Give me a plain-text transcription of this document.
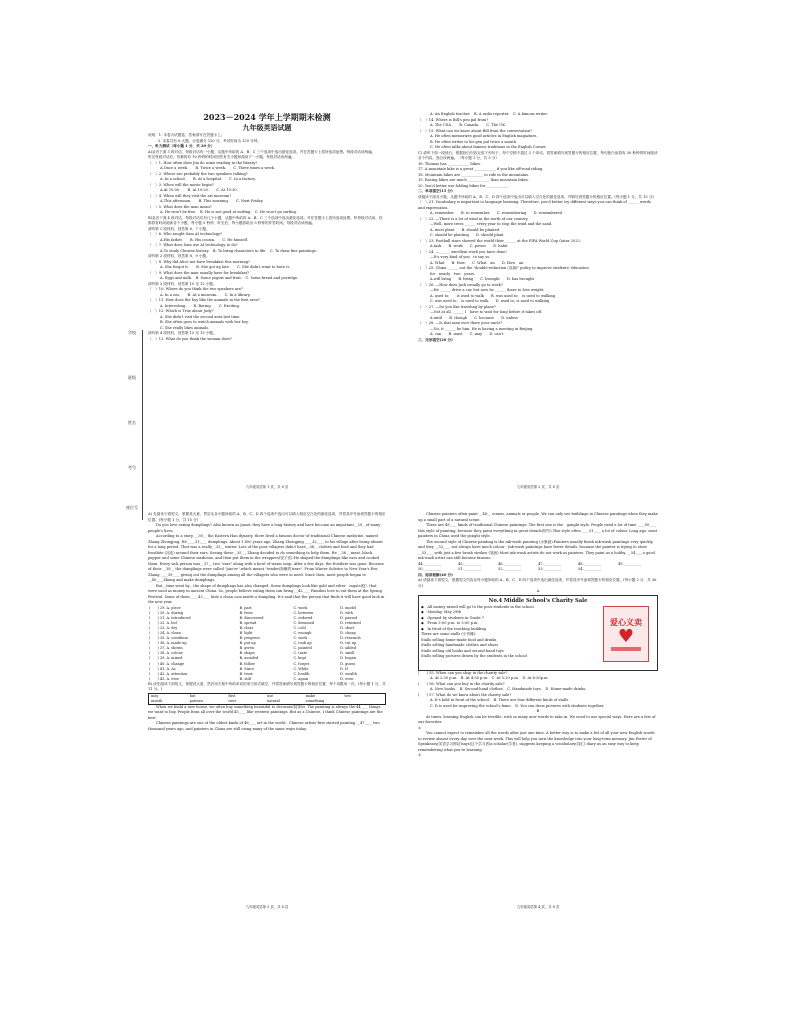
学校
班级
姓名
考号
座位号
2023－2024 学年上学期期末检测
九年级英语试题
说明：1. 本卷为试题卷，答案请写在答题卡上。
2. 本卷共有 8 大题，全卷满分 120 分，考试时间为 120 分钟。
一、听力测试（每小题 1 分，共 20 分）
A)录音下面 5 段对话，每段对话有一小题，从题中所给的 A、B、C 三个选项中选出最佳选项。并在答题卡上将所选项涂黑。每段对话读两遍。
听完每段对话后，你都将有 10 秒钟的时间回答有关小题和阅读下一小题。每段对话读两遍。
（　）1. How often does Jim do some reading in the library?
A.Once a week.　　B. Twice a week.　　C. Three times a week.
（　）2. Where are probably the two speakers talking?
A. In a school.　　B. At a hospital.　　C. In a factory.
（　）3. When will the movie begin?
A.At 10:00.　　B. At 10:20.　　C. At 10:30.
（　）4. When will they visit the art museum?
A.This afternoon.　　B. This morning.　　C. Next Friday.
（　）5. What does the man mean?
A. He won't be free.　B. He is not good at surfing.　C. He won't go surfing.
B)录音下面 4 段对话，每段对话后有几个小题，从题中所给的 A、B、C 三个选项中选出最佳选项。并在答题卡上将所选项涂黑。听每段对话前，你都将有时间阅读各个小题，每小题 5 秒钟；听完后，每小题将给出 5 秒钟的作答时间。每段对话读两遍。
请听第 1 段材料，回答第 6、7 小题。
（　）6. Who taught Sam AI technology?
A.His father.　　B. His cousin.　　C. He himself.
（　）7. What does Sam use AI technology to do?
A.To study Chinese history.　B. To bring characters to life.　C. To draw fine paintings.
请听第 2 段材料，回答第 8、9 小题。
（　）8. Why did Alice not have breakfast this morning?
A. She forgot it.　　B. She got up late.　　C. She didn't want to have it.
（　）9. What does the man usually have for breakfast?
A. Eggs and milk.　B. Some yogurt and fruit.　C. Some bread and porridge.
请听第 3 段材料，回答第 10 至 12 小题。
（　）10. Where do you think the two speakers are?
A. In a zoo.　　B. At a museum.　　C. In a library.
（　）11. How does the boy like the animals in the first area?
A. Interesting.　　B. Boring.　　C. Exciting.
（　）12. Which is True about Judy?
A. She didn't visit the second area last time.
B. She often goes to watch animals with her boy.
C. She really likes animals.
请听第 4 段材料，回答第 13 至 15 小题。
（　）13. What do you think the woman does?
九年级英语第 1 页，共 8 页
A. An English teacher.　B. A radio reporter.　C. A famous writer.
（　）14. Where is Bill's pen pal from?
A. The USA.　　B. Canada.　　C. The UK.
（　）15. What can we know about Bill from the conversation?
A. He often memorizes good articles in English magazines.
B. He often writes to his pen pal twice a month.
C. He often talks about famous traditions in the English Corner.
C) 请听下面一段独白，根据独白内容完成下列句子，每个空格不超过 3 个单词，将答案填写到答题卡的相应位置，每句独白前将有 30 秒钟的时间阅读各个内容。独白读两遍。（每小题 1 分，共 5 分）
16. Thomas has ____________ bikes.
17. A mountain bike is a great ____________ if you like off-road riding.
18. Mountain bikes are ____________ to ride in the mountains.
19. Racing bikes are much ____________ than mountain bikes.
20. You'd better use folding bikes for ____________.
二、单项填空(15 分)
请阅读下面各小题，从题中所给的 A、B、C、D 四个选项中选出可以填入空白处的最佳选项，并填写到答题卡的相应位置。(每小题 1 分，共 15 分)
（　）21. Vocabulary is important to language learning. Therefore, you'd better try different ways you can think of ______ words and expressions.
A. remember　　B. to remember　　C. remembering　　D. remembered
（　）22. —There is a lot of wind in the north of our country.
—Well, more trees ______ every year to stop the wind and the sand.
A. must plant　　B. should be planted
C. should be planting　　D. should plant
（　）23. Football stars showed the world their ______ at the FIFA World Cup Qatar 2022.
A.task　　B. work　　C. power　　D. habit
（　）24. —______ excellent work you have done!
—It's very kind of you　to say so.
A. What　　B. How　　C. What　an　　D. How　an
（　）25. China ______ out the "double-reduction (双减)" policy to improve students' education
for　nearly　two　years.
A.will bring　　B. bring　　C. brought　　D. has brought
（　）26. —How does Jack usually go to work?
—He ______ drive a car, but now he ______ there to lose weight.
A. used to;　　is used to walk　　B. was used to;　is used to walking
C. was used to;　is used to walk　　D. used to; is used to walking
（　）27. —Do you like traveling by plane?
—Not at all. ______ I　have to wait for long before it takes off.
A.until　　B. though　　C. because　　D. unless
（　）28. —Is that man over there your uncle?
—No, it ______ be him. He is having a meeting in Beijing.
A. can　　B. must　　C. may　　D. can't
三、完形填空(20 分)
九年级英语第 2 页，共 8 页
A) 先阅读下面短文，掌握其大意，然后从各小题所给的 A、B、C、D 四个选项中选出可以填入相应空白处的最佳选项，并将其序号涂到答题卡的相应位置。(每小题 1 分，共 15 分)
Do you love eating dumplings? Also known as jiaozi, they have a long history and have become an important__29__of many people's lives.
According to a story, __30__ the Eastern Han dynasty, there lived a famous doctor of traditional Chinese medicine, named Zhang Zhongjing. He ____31____ dumplings. About 1,800 years ago, Zhang Zhongjing ____32____ to his village after being absent for a long period. That was a really__33__ winter. Lots of the poor villagers didn't have__34__ clothes and food and they had frostbite (冻疮) around their ears. Seeing these__35__, Zhang decided to do something to help them. He __36__ meat, black pepper and some Chinese medicine, and then put them in the wrappers(饺子皮).He shaped the dumplings like ears and cooked them. Every sick person was__37__ two "ears" along with a bowl of warm soup. After a few days, the frostbite was gone. Because of their __38__ the dumplings were called "jiao'er",which meant "tender(娇嫩的)ears". From Winter Solstice to New Year's Eve, Zhang ____39____ giving out the dumplings among all the villagers who were in need. Since then, most people began to __40____Zhang and make dumplings.
But__time went by，the shape of dumplings has also changed. Some dumplings look like gold and silver　ingots(锭）that were used as money in ancient China. So, people believe eating them can bring __42____ Families love to eat them at the Spring Festival. Some of them ____43____ hide a clean coin inside a dumpling. It's said that the person that finds it will have good luck in the new year.
(　　) 29. A. piece	B. part	C. work	D. model
(　　) 30. A. during	B. from	C. between	D. with
(　　) 31. A. introduced	B. discovered	C. ordered	D. passed
(　　) 32. A. led	B. spread	C. dreamed	D. returned
(　　) 33. A. dry	B. clear	C. cold	D. short
(　　) 34. A. clean	B. light	C. enough	D. cheap
(　　) 35. A. condition	B. progress	C. work	D. research
(　　) 36. A. made up	B. put up	C. took up	D. cut up
(　　) 37. A. shown	B. given	C. painted	D. added
(　　) 38. A. colour	B. shape	C. taste	D. smell
(　　) 39. A. mixed	B. avoided	C. kept	D. began
(　　) 40. A. change	B. follow	C. forget	D. guess
(　　) 41. A. As	B. Since	C. While	D. If
(　　) 42. A. attention	B. trust	C. health	D. wealth
(　　) 43. A. ever	B. still	C. again	D. even
B) 请先阅读下面短文，掌握其大意，然后用方框中所给单词的适当形式填空，并将答案填写到答题卡的相应位置，每个词限用一次。(每小题 1 分，共 11 分。)
may	but	first	use	make	two
month	pattern	over	natural	something
When we build a new house, we often buy something beautiful to decorate(装饰)it. The painting is always the 44____ things we want to buy. People from all over the world 45____ like western paintings. But as a Chinese, I think Chinese paintings are the best.
Chinese paintings are one of the oldest kinds of 46____ art in the world . Chinese artists first started painting __47____ two thousand years ago, and painters in China are still using many of the same ways today.
九年级英语第 3 页，共 8 页
Chinese painters often paint __48__ scenes, animals or people. We can only see buildings in Chinese paintings when they make up a small part of a natural scene.
There are 49____ kinds of traditional Chinese paintings. The first one is the　gongbi style. People need a lot of time ____50____ this style of painting, because they paint everything in great details(细节).This style often ____51____ a lot of colour. Long ago, most painters in China used the gongbi style.
The second style of Chinese painting is the ink-wash painting (水墨画).Painters usually finish ink-wash paintings very quickly, and they __52____ not always have much colour . Ink-wash paintings have fewer details, because the painter is trying to show __53____ with just a few brush strokes (笔画).Most ink-wash artists do not work as painters. They paint as a hobby. __54____a good ink-wash artist can still become famous.
44.__________	45.__________	46.__________	47.__________	48.__________	49.__________
50.__________	51.__________	52.__________	53.__________	54.__________
四、阅读理解(40 分)
A) 请阅读下面短文，根据短文内容从每小题所给的 A、B、C、D 四个选项中选出最佳选项，并将其序号涂到答题卡的相应位置。(每小题 2 分，共 36 分)
A
No.4 Middle School's Charity Sale
◆　All money raised will go to the poor students in the school.
◆　Monday, May 29th
◆　Opened by students in Grade 7
◆　From 3:00 p.m. to 5:00 p.m.
◆　In front of the teaching building
There are some stalls (小货摊):
Stalls selling home-made food and drinks
Stalls selling handmade clothes and shoes
Stalls selling old books and second-hand toys
Stalls selling pictures drawn by the students in the school
爱心义卖
♥
(　　) 55. When can you shop in the charity sale?
A. At 2:30 p.m.　B. At 4:30 p.m.　C. At 5:20 p.m.　D. At 6:30p.m.
(　　) 56. What can you buy in the charity sale?
A. New books.　B. Second-hand clothes.　C. Handmade toys.　D. Home-made drinks.
(　　) 57. What do we know about the charity sale?
A. It's held in front of the school.　B. There are four different kinds of stalls.
C. It is used for improving the school's fame.　D. You can draw pictures with students together.
B
At times, learning English can be terrible, with so many new words to take in. We need to use special ways. Here are a few of our favorites:
①
You cannot expect to remember all the words after just one time. A better way is to make a list of all your new English words to review almost every day over the next week. This will help you turn the knowledge into your long-term memory. Jim Porter of Speakeasy(英语学习网站)says(这个学习者)a scholar(学者), suggests keeping a vocabulary(词汇) diary as an easy way to keep remembering what you're learning.
②
九年级英语第 4 页，共 8 页
